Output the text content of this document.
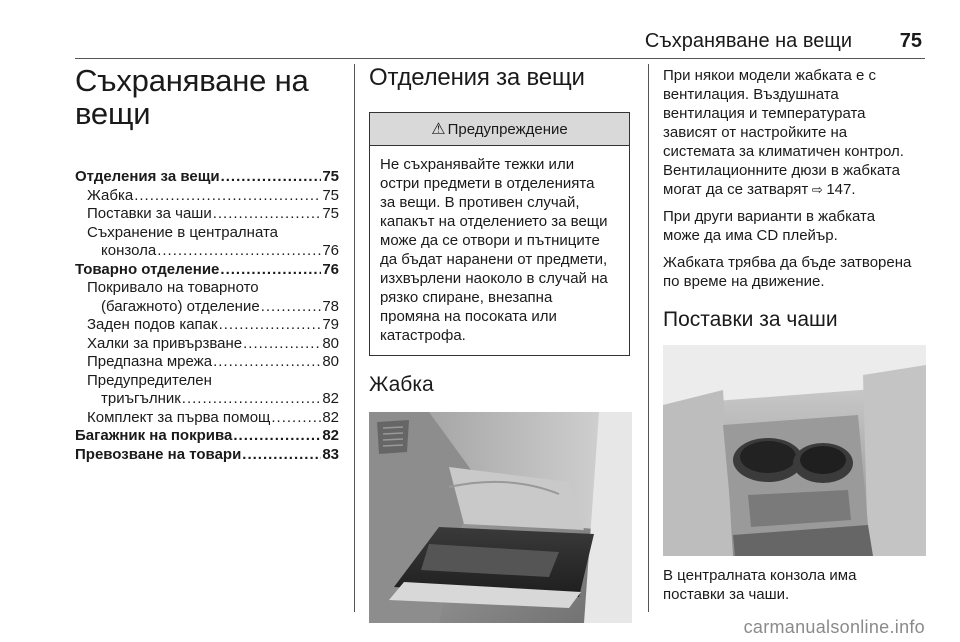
Съхраняване на вещи 75
Съхраняване на
вещи
Отделения за вещи .....	75
Жабка .....	75
Поставки за чаши .....	75
Съхранение в централната
конзола .....	76
Товарно отделение .....	76
Покривало на товарното
(багажното) отделение .....	78
Заден подов капак .....	79
Халки за привързване .....	80
Предпазна мрежа .....	80
Предупредителен
триъгълник .....	82
Комплект за първа помощ .....	82
Багажник на покрива .....	82
Превозване на товари .....	83
Отделения за вещи
⚠ Предупреждение
Не съхранявайте тежки или
остри предмети в отделенията
за вещи. В противен случай,
капакът на отделението за вещи
може да се отвори и пътниците
да бъдат наранени от предмети,
изхвърлени наоколо в случай на
рязко спиране, внезапна
промяна на посоката или
катастрофа.
Жабка

При някои модели жабката е с
вентилация. Въздушната
вентилация и температурата
зависят от настройките на
системата за климатичен контрол.
Вентилационните дюзи в жабката
могат да се затварят ⇨ 147.

При други варианти в жабката
може да има CD плейър.

Жабката трябва да бъде затворена
по време на движение.

Поставки за чаши
В централната конзола има
поставки за чаши.
carmanualsonline.info
